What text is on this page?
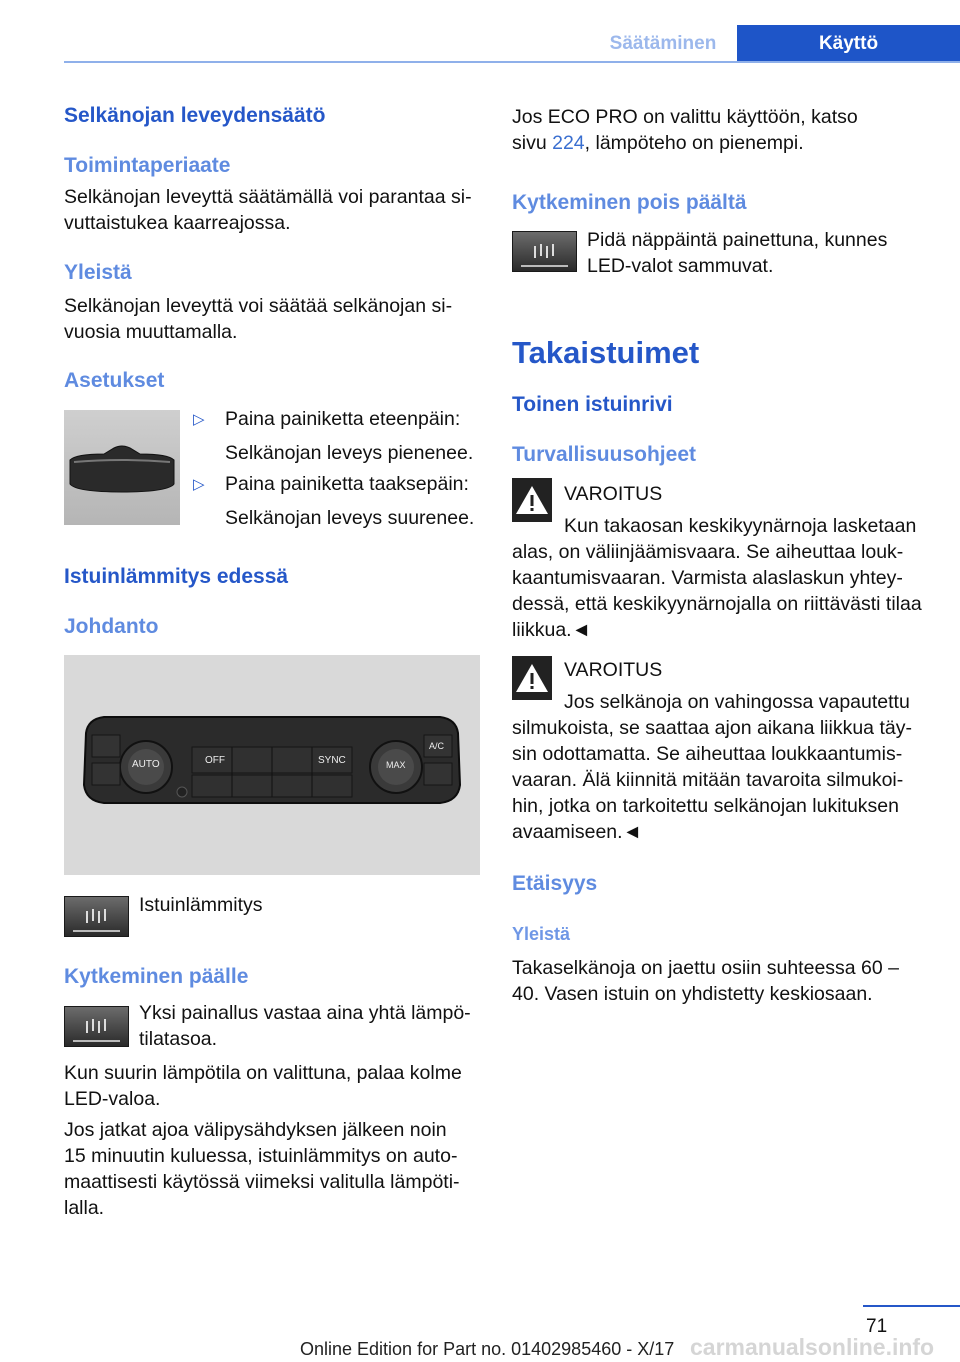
Säätäminen	Käyttö
Selkänojan leveydensäätö
Toimintaperiaate
Selkänojan leveyttä säätämällä voi parantaa si-
vuttaistukea kaarreajossa.
Yleistä
Selkänojan leveyttä voi säätää selkänojan si-
vuosia muuttamalla.
Asetukset
▷ Paina painiketta eteenpäin:
Selkänojan leveys pienenee.
▷ Paina painiketta taaksepäin:
Selkänojan leveys suurenee.
Istuinlämmitys edessä
Johdanto
AUTO	OFF	SYNC
A/C
MAX
Istuinlämmitys
Kytkeminen päälle
Yksi painallus vastaa aina yhtä lämpö-
tilatasoa.
Kun suurin lämpötila on valittuna, palaa kolme
LED-valoa.
Jos jatkat ajoa välipysähdyksen jälkeen noin
15 minuutin kuluessa, istuinlämmitys on auto-
maattisesti käytössä viimeksi valitulla lämpöti-
lalla.
Jos ECO PRO on valittu käyttöön, katso
sivu 224, lämpöteho on pienempi.
Kytkeminen pois päältä
Pidä näppäintä painettuna, kunnes
LED-valot sammuvat.
Takaistuimet
Toinen istuinrivi
Turvallisuusohjeet
VAROITUS
Kun takaosan keskikyynärnoja lasketaan
alas, on väliinjäämisvaara. Se aiheuttaa louk-
kaantumisvaaran. Varmista alaslaskun yhtey-
dessä, että keskikyynärnojalla on riittävästi tilaa
liikkua.◄
VAROITUS
Jos selkänoja on vahingossa vapautettu
silmukoista, se saattaa ajon aikana liikkua täy-
sin odottamatta. Se aiheuttaa loukkaantumis-
vaaran. Älä kiinnitä mitään tavaroita silmukoi-
hin, jotka on tarkoitettu selkänojan lukituksen
avaamiseen.◄
Etäisyys
Yleistä
Takaselkänoja on jaettu osiin suhteessa 60 –
40. Vasen istuin on yhdistetty keskiosaan.
71
Online Edition for Part no. 01402985460 - X/17 carmanualsonline.info
